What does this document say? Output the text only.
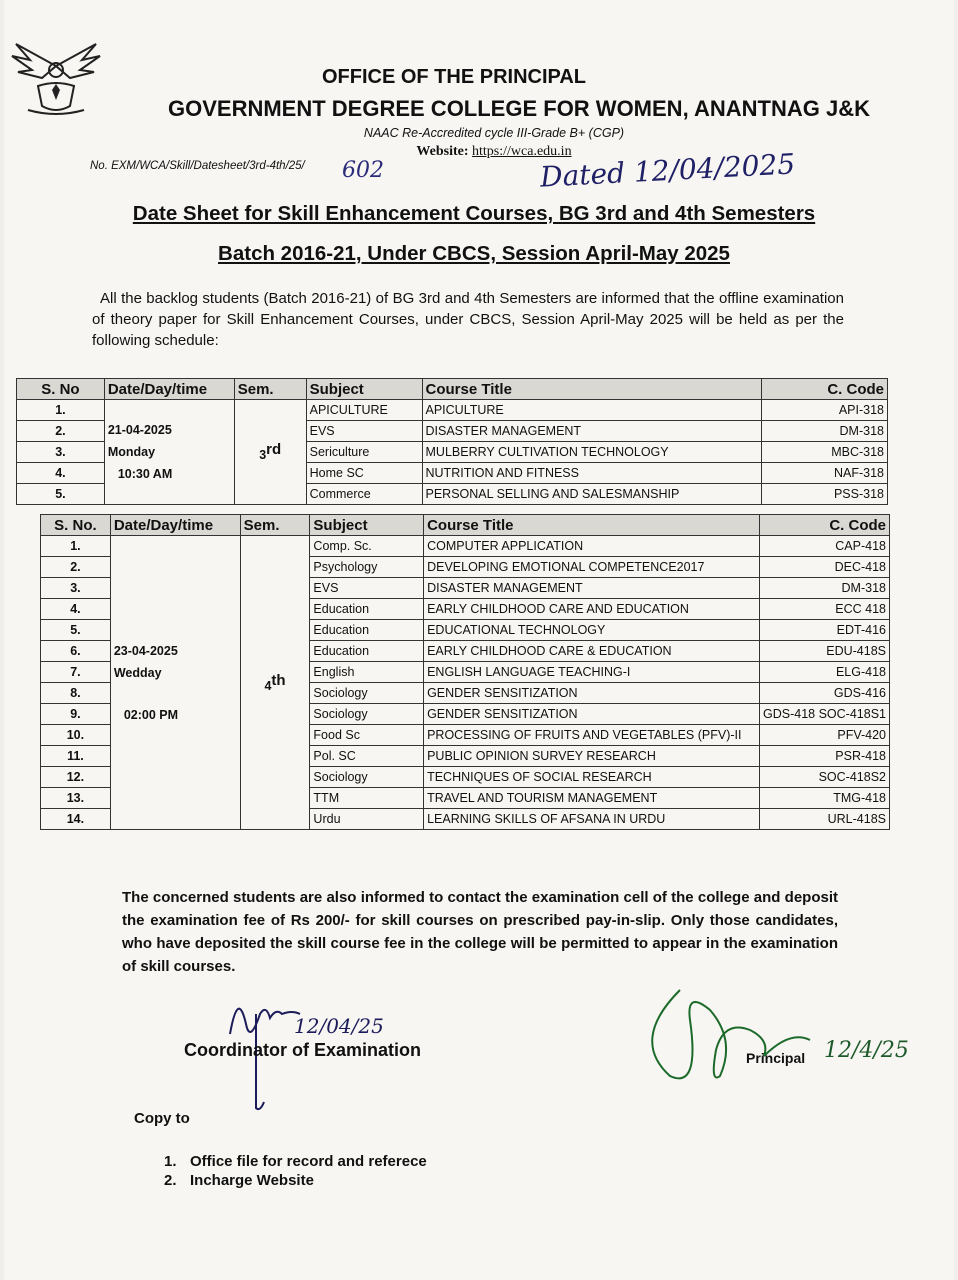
OFFICE OF THE PRINCIPAL
GOVERNMENT DEGREE COLLEGE FOR WOMEN, ANANTNAG J&K
NAAC Re-Accredited cycle III-Grade B+ (CGP)
Website: https://wca.edu.in
No. EXM/WCA/Skill/Datesheet/3rd-4th/25/ 602	Dated 12/04/2025
Date Sheet for Skill Enhancement Courses, BG 3rd and 4th Semesters
Batch 2016-21, Under CBCS, Session April-May 2025
All the backlog students (Batch 2016-21) of BG 3rd and 4th Semesters are informed that the offline examination of theory paper for Skill Enhancement Courses, under CBCS, Session April-May 2025 will be held as per the following schedule:
S. No	Date/Day/time	Sem.	Subject	Course Title	C. Code
1.	21-04-2025
Monday
10:30 AM	3rd	APICULTURE	APICULTURE	API-318
2.			EVS	DISASTER MANAGEMENT	DM-318
3.			Sericulture	MULBERRY CULTIVATION TECHNOLOGY	MBC-318
4.			Home SC	NUTRITION AND FITNESS	NAF-318
5.			Commerce	PERSONAL SELLING AND SALESMANSHIP	PSS-318
S. No.	Date/Day/time	Sem.	Subject	Course Title	C. Code
1.	23-04-2025
Wedday
02:00 PM	4th	Comp. Sc.	COMPUTER APPLICATION	CAP-418
2.			Psychology	DEVELOPING EMOTIONAL COMPETENCE2017	DEC-418
3.			EVS	DISASTER MANAGEMENT	DM-318
4.			Education	EARLY CHILDHOOD CARE AND EDUCATION	ECC 418
5.			Education	EDUCATIONAL TECHNOLOGY	EDT-416
6.			Education	EARLY CHILDHOOD CARE & EDUCATION	EDU-418S
7.			English	ENGLISH LANGUAGE TEACHING-I	ELG-418
8.			Sociology	GENDER SENSITIZATION	GDS-416
9.			Sociology	GENDER SENSITIZATION	GDS-418 SOC-418S1
10.			Food Sc	PROCESSING OF FRUITS AND VEGETABLES (PFV)-II	PFV-420
11.			Pol. SC	PUBLIC OPINION SURVEY RESEARCH	PSR-418
12.			Sociology	TECHNIQUES OF SOCIAL RESEARCH	SOC-418S2
13.			TTM	TRAVEL AND TOURISM MANAGEMENT	TMG-418
14.			Urdu	LEARNING SKILLS OF AFSANA IN URDU	URL-418S
The concerned students are also informed to contact the examination cell of the college and deposit the examination fee of Rs 200/- for skill courses on prescribed pay-in-slip. Only those candidates, who have deposited the skill course fee in the college will be permitted to appear in the examination of skill courses.
12/04/25
Coordinator of Examination	Principal 12/4/25
Copy to
1. Office file for record and referece
2. Incharge Website
